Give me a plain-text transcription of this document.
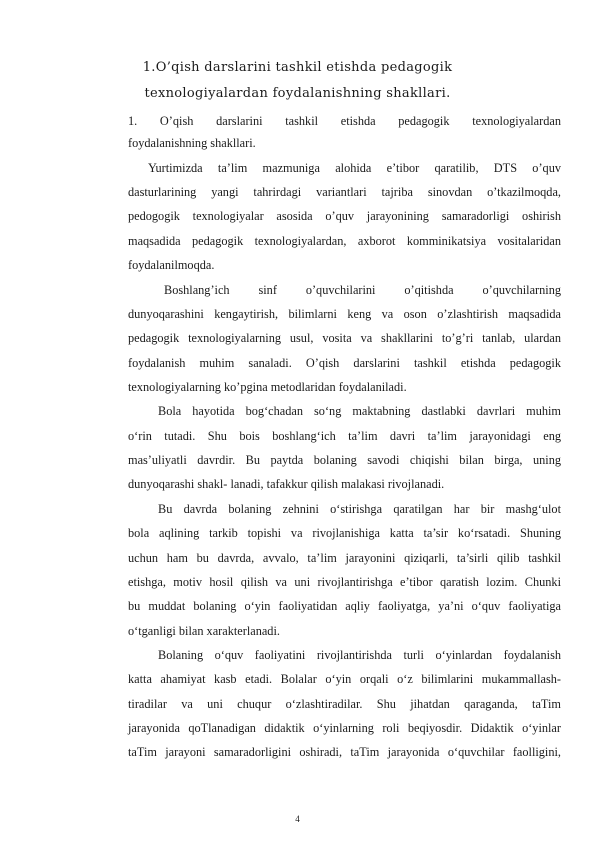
1.O’qish darslarini tashkil etishda pedagogik
texnologiyalardan foydalanishning shakllari.
1. O’qish darslarini tashkil etishda pedagogik texnologiyalardan
foydalanishning shakllari.
Yurtimizda ta’lim mazmuniga alohida e’tibor qaratilib, DTS o’quv
dasturlarining yangi tahrirdagi variantlari tajriba sinovdan o’tkazilmoqda,
pedogogik texnologiyalar asosida o’quv jarayonining samaradorligi oshirish
maqsadida pedagogik texnologiyalardan, axborot komminikatsiya vositalaridan
foydalanilmoqda.
Boshlang’ich sinf o’quvchilarini o’qitishda o’quvchilarning
dunyoqarashini kengaytirish, bilimlarni keng va oson o’zlashtirish maqsadida
pedagogik texnologiyalarning usul, vosita va shakllarini to’g’ri tanlab, ulardan
foydalanish muhim sanaladi. O’qish darslarini tashkil etishda pedagogik
texnologiyalarning ko’pgina metodlaridan foydalaniladi.
Bola hayotida bog‘chadan so‘ng maktabning dastlabki davrlari muhim
o‘rin tutadi. Shu bois boshlang‘ich ta’lim davri ta’lim jarayonidagi eng
mas’uliyatli davrdir. Bu paytda bolaning savodi chiqishi bilan birga, uning
dunyoqarashi shakl- lanadi, tafakkur qilish malakasi rivojlanadi.
Bu davrda bolaning zehnini o‘stirishga qaratilgan har bir mashg‘ulot
bola aqlining tarkib topishi va rivojlanishiga katta ta’sir ko‘rsatadi. Shuning
uchun ham bu davrda, avvalo, ta’lim jarayonini qiziqarli, ta’sirli qilib tashkil
etishga, motiv hosil qilish va uni rivojlantirishga e’tibor qaratish lozim. Chunki
bu muddat bolaning o‘yin faoliyatidan aqliy faoliyatga, ya’ni o‘quv faoliyatiga
o‘tganligi bilan xarakterlanadi.
Bolaning o‘quv faoliyatini rivojlantirishda turli o‘yinlardan foydalanish
katta ahamiyat kasb etadi. Bolalar o‘yin orqali o‘z bilimlarini mukammallash-
tiradilar va uni chuqur o‘zlashtiradilar. Shu jihatdan qaraganda, taTim
jarayonida qoTlanadigan didaktik o‘yinlarning roli beqiyosdir. Didaktik o‘yinlar
taTim jarayoni samaradorligini oshiradi, taTim jarayonida o‘quvchilar faolligini,
4
